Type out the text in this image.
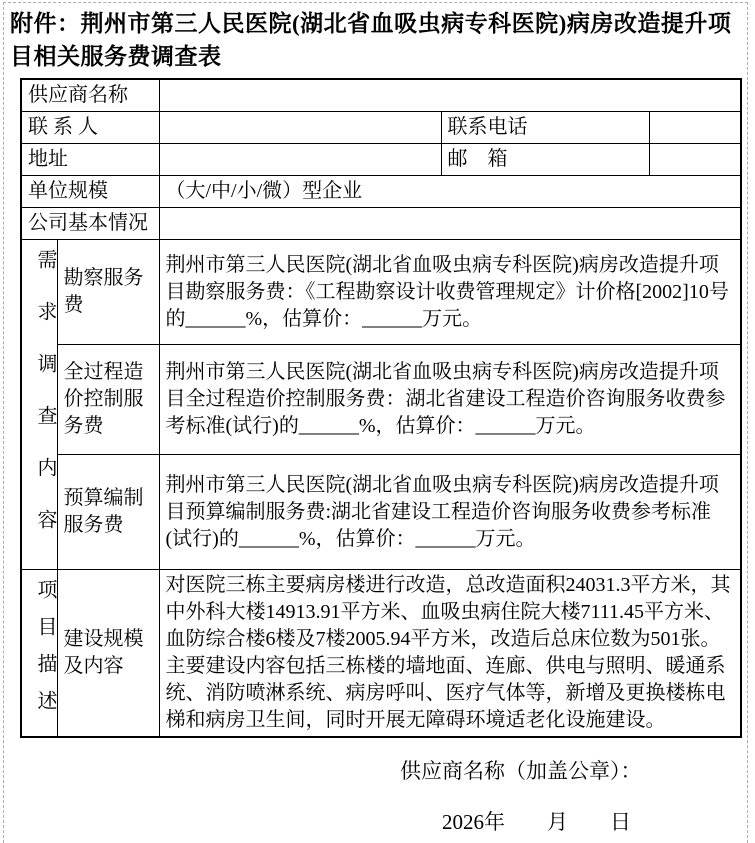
附件：荆州市第三人民医院(湖北省血吸虫病专科医院)病房改造提升项目相关服务费调查表
供应商名称				
联 系 人			联系电话	
地址			邮　箱	
单位规模		（大/中/小/微）型企业		
公司基本情况				

需求调查内容	勘察服务费	荆州市第三人民医院(湖北省血吸虫病专科医院)病房改造提升项目勘察服务费：《工程勘察设计收费管理规定》计价格[2002]10号的______%，估算价：______万元。		
	全过程造价控制服务费	荆州市第三人民医院(湖北省血吸虫病专科医院)病房改造提升项目全过程造价控制服务费：湖北省建设工程造价咨询服务收费参考标准(试行)的______%，估算价：______万元。		
	预算编制服务费	荆州市第三人民医院(湖北省血吸虫病专科医院)病房改造提升项目预算编制服务费:湖北省建设工程造价咨询服务收费参考标准(试行)的______%，估算价：______万元。		

项目描述	建设规模及内容	对医院三栋主要病房楼进行改造，总改造面积24031.3平方米，其中外科大楼14913.91平方米、血吸虫病住院大楼7111.45平方米、血防综合楼6楼及7楼2005.94平方米，改造后总床位数为501张。主要建设内容包括三栋楼的墙地面、连廊、供电与照明、暖通系统、消防喷淋系统、病房呼叫、医疗气体等，新增及更换楼栋电梯和病房卫生间，同时开展无障碍环境适老化设施建设。		
供应商名称（加盖公章）：
2026年　　月　　日
